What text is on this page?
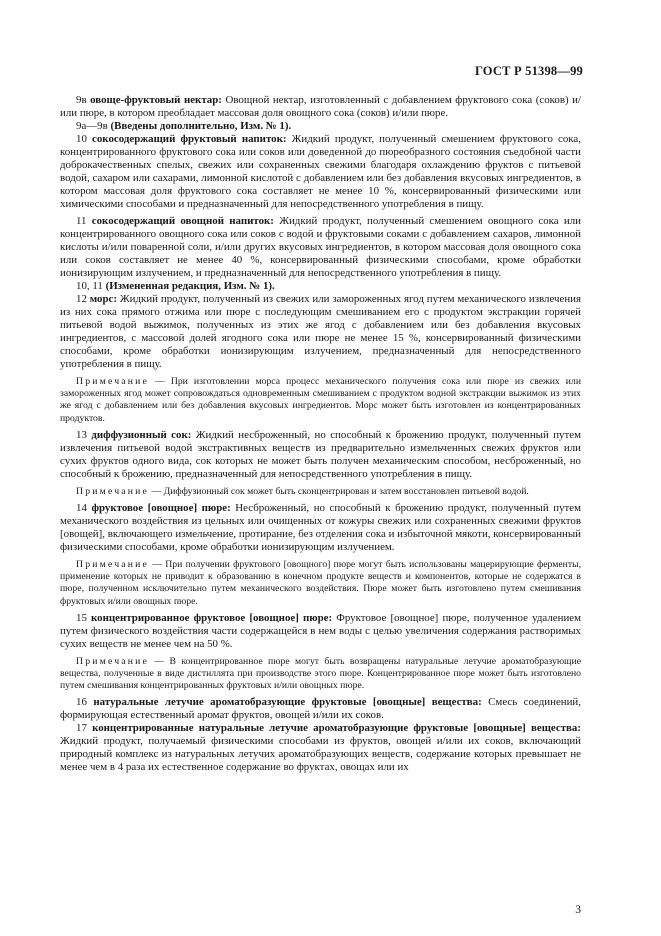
ГОСТ Р 51398—99

9в овоще-фруктовый нектар: Овощной нектар, изготовленный с добавлением фруктового сока (соков) и/или пюре, в котором преобладает массовая доля овощного сока (соков) и/или пюре.

9а—9в (Введены дополнительно, Изм. № 1).

10 сокосодержащий фруктовый напиток: Жидкий продукт, полученный смешением фруктового сока, концентрированного фруктового сока или соков или доведенной до пюреобразного состояния съедобной части доброкачественных спелых, свежих или сохраненных свежими благодаря охлаждению фруктов с питьевой водой, сахаром или сахарами, лимонной кислотой с добавлением или без добавления вкусовых ингредиентов, в котором массовая доля фруктового сока составляет не менее 10 %, консервированный физическими или химическими способами и предназначенный для непосредственного употребления в пищу.

11 сокосодержащий овощной напиток: Жидкий продукт, полученный смешением овощного сока или концентрированного овощного сока или соков с водой и фруктовыми соками с добавлением сахаров, лимонной кислоты и/или поваренной соли, и/или других вкусовых ингредиентов, в котором массовая доля овощного сока или соков составляет не менее 40 %, консервированный физическими способами, кроме обработки ионизирующим излучением, и предназначенный для непосредственного употребления в пищу.

10, 11 (Измененная редакция, Изм. № 1).

12 морс: Жидкий продукт, полученный из свежих или замороженных ягод путем механического извлечения из них сока прямого отжима или пюре с последующим смешиванием его с продуктом экстракции горячей питьевой водой выжимок, полученных из этих же ягод с добавлением или без добавления вкусовых ингредиентов, с массовой долей ягодного сока или пюре не менее 15 %, консервированный физическими способами, кроме обработки ионизирующим излучением, предназначенный для непосредственного употребления в пищу.

Примечание — При изготовлении морса процесс механического получения сока или пюре из свежих или замороженных ягод может сопровождаться одновременным смешиванием с продуктом водной экстракции выжимок из этих же ягод с добавлением или без добавления вкусовых ингредиентов. Морс может быть изготовлен из концентрированных продуктов.

13 диффузионный сок: Жидкий несброженный, но способный к брожению продукт, полученный путем извлечения питьевой водой экстрактивных веществ из предварительно измельченных свежих фруктов или сухих фруктов одного вида, сок которых не может быть получен механическим способом, несброженный, но способный к брожению, предназначенный для непосредственного употребления в пищу.

Примечание — Диффузионный сок может быть сконцентрирован и затем восстановлен питьевой водой.

14 фруктовое [овощное] пюре: Несброженный, но способный к брожению продукт, полученный путем механического воздействия из цельных или очищенных от кожуры свежих или сохраненных свежими фруктов [овощей], включающего измельчение, протирание, без отделения сока и избыточной мякоти, консервированный физическими способами, кроме обработки ионизирующим излучением.

Примечание — При получении фруктового [овощного] пюре могут быть использованы мацерирующие ферменты, применение которых не приводит к образованию в конечном продукте веществ и компонентов, которые не содержатся в пюре, полученном исключительно путем механического воздействия. Пюре может быть изготовлено путем смешивания фруктовых и/или овощных пюре.

15 концентрированное фруктовое [овощное] пюре: Фруктовое [овощное] пюре, полученное удалением путем физического воздействия части содержащейся в нем воды с целью увеличения содержания растворимых сухих веществ не менее чем на 50 %.

Примечание — В концентрированное пюре могут быть возвращены натуральные летучие ароматобразующие вещества, полученные в виде дистиллята при производстве этого пюре. Концентрированное пюре может быть изготовлено путем смешивания концентрированных фруктовых и/или овощных пюре.

16 натуральные летучие ароматобразующие фруктовые [овощные] вещества: Смесь соединений, формирующая естественный аромат фруктов, овощей и/или их соков.

17 концентрированные натуральные летучие ароматобразующие фруктовые [овощные] вещества: Жидкий продукт, получаемый физическими способами из фруктов, овощей и/или их соков, включающий природный комплекс из натуральных летучих ароматобразующих веществ, содержание которых превышает не менее чем в 4 раза их естественное содержание во фруктах, овощах или их

3
